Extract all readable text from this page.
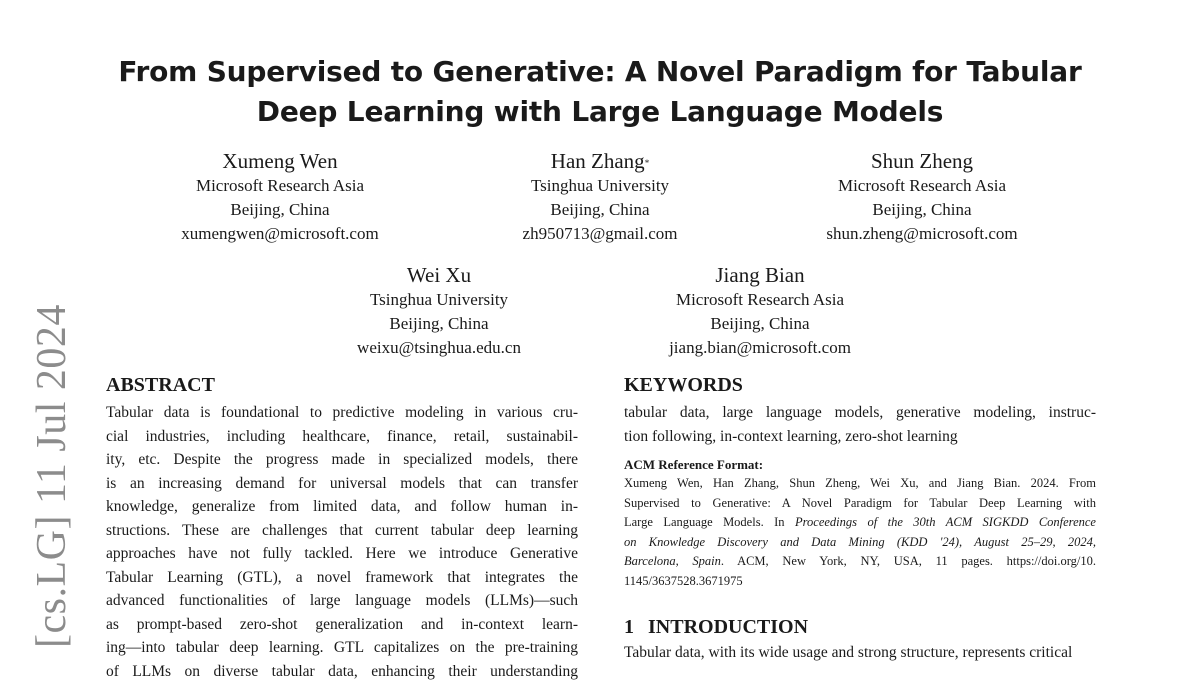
From Supervised to Generative: A Novel Paradigm for Tabular
Deep Learning with Large Language Models
Xumeng Wen
Microsoft Research Asia
Beijing, China
xumengwen@microsoft.com
Han Zhang*
Tsinghua University
Beijing, China
zh950713@gmail.com
Shun Zheng
Microsoft Research Asia
Beijing, China
shun.zheng@microsoft.com
Wei Xu
Tsinghua University
Beijing, China
weixu@tsinghua.edu.cn
Jiang Bian
Microsoft Research Asia
Beijing, China
jiang.bian@microsoft.com
[cs.LG] 11 Jul 2024 ABSTRACT
Tabular data is foundational to predictive modeling in various cru-
cial industries, including healthcare, finance, retail, sustainabil-
ity, etc. Despite the progress made in specialized models, there
is an increasing demand for universal models that can transfer
knowledge, generalize from limited data, and follow human in-
structions. These are challenges that current tabular deep learning
approaches have not fully tackled. Here we introduce Generative
Tabular Learning (GTL), a novel framework that integrates the
advanced functionalities of large language models (LLMs)—such
as prompt-based zero-shot generalization and in-context learn-
ing—into tabular deep learning. GTL capitalizes on the pre-training
of LLMs on diverse tabular data, enhancing their understanding
KEYWORDS
tabular data, large language models, generative modeling, instruc-
tion following, in-context learning, zero-shot learning
ACM Reference Format:
Xumeng Wen, Han Zhang, Shun Zheng, Wei Xu, and Jiang Bian. 2024. From
Supervised to Generative: A Novel Paradigm for Tabular Deep Learning with
Large Language Models. In Proceedings of the 30th ACM SIGKDD Conference
on Knowledge Discovery and Data Mining (KDD '24), August 25–29, 2024,
Barcelona, Spain. ACM, New York, NY, USA, 11 pages. https://doi.org/10.
1145/3637528.3671975
1 INTRODUCTION
Tabular data, with its wide usage and strong structure, represents critical
